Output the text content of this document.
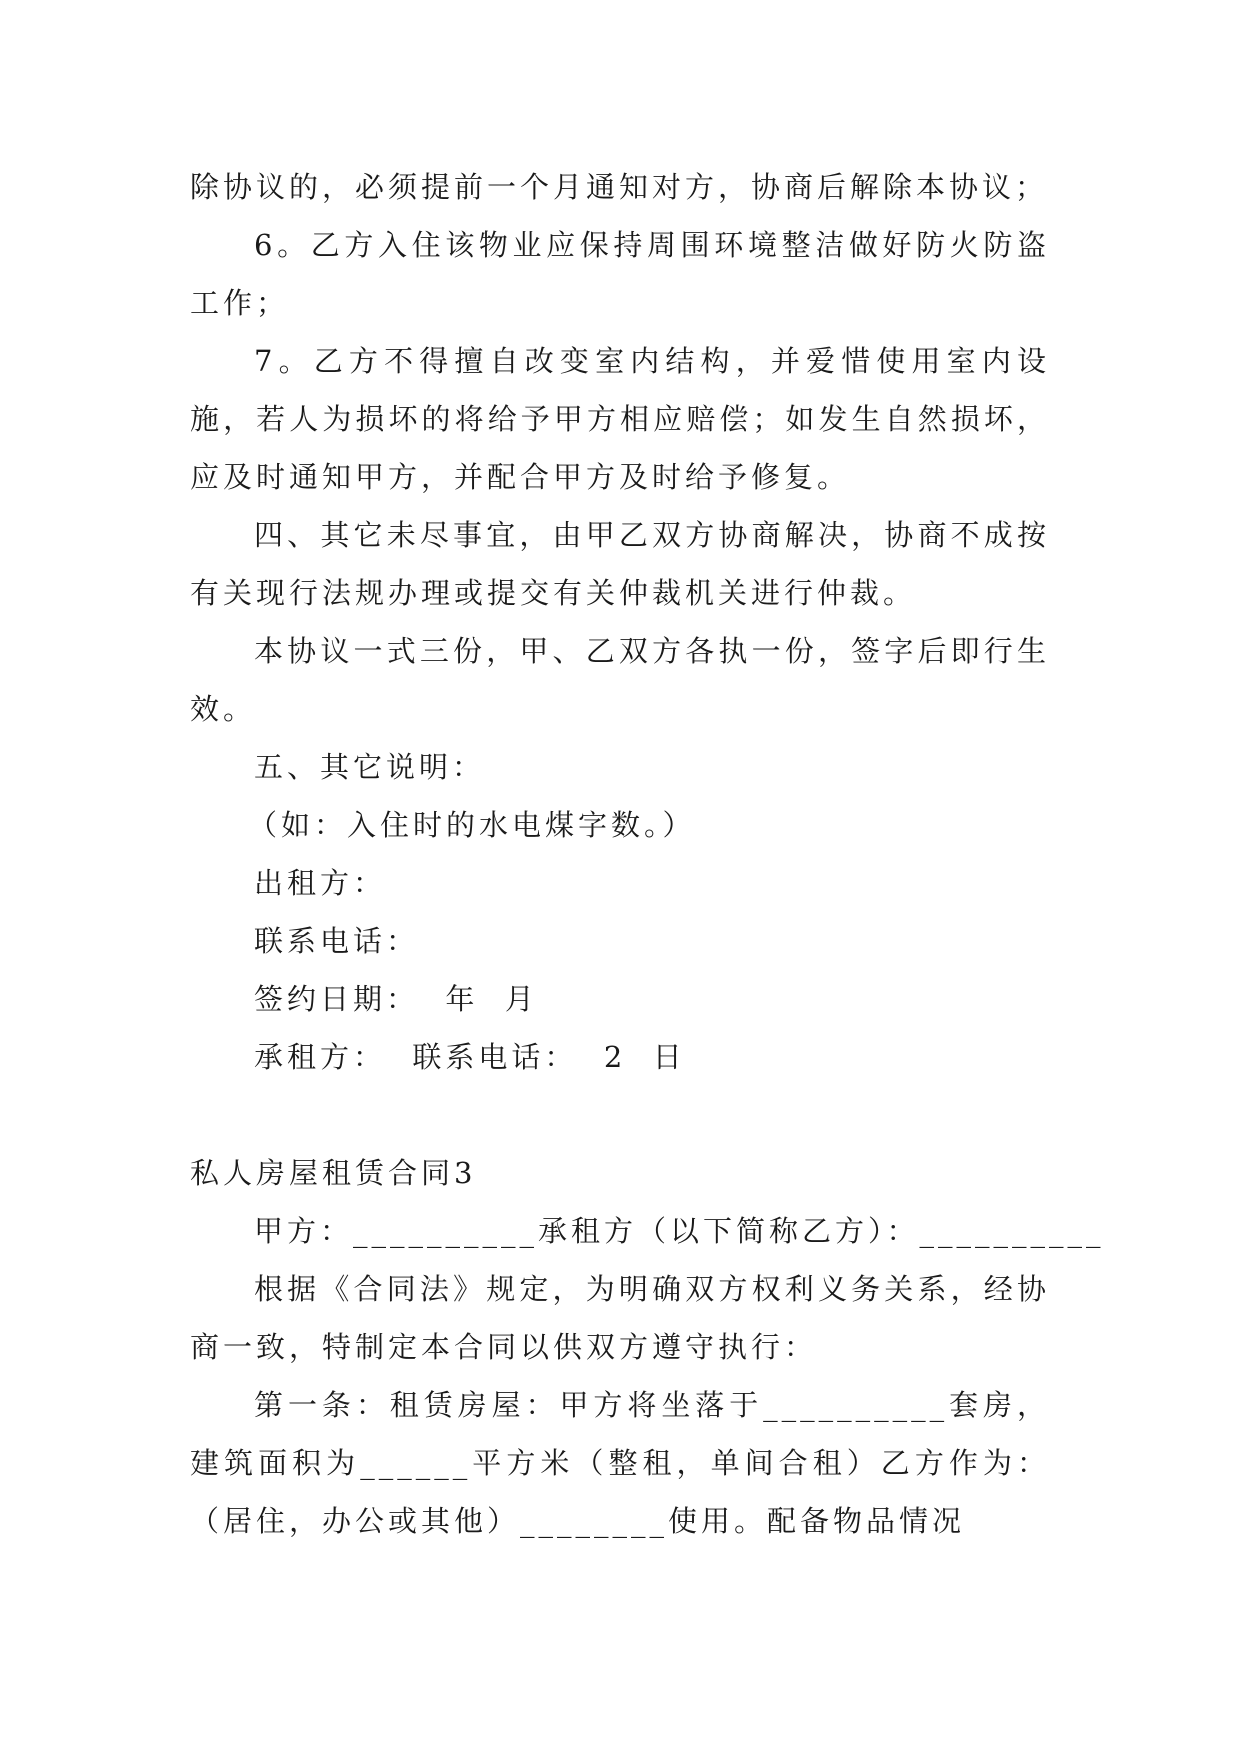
除协议的，必须提前一个月通知对方，协商后解除本协议；

6。乙方入住该物业应保持周围环境整洁做好防火防盗工作；

7。乙方不得擅自改变室内结构，并爱惜使用室内设施，若人为损坏的将给予甲方相应赔偿；如发生自然损坏，应及时通知甲方，并配合甲方及时给予修复。

四、其它未尽事宜，由甲乙双方协商解决，协商不成按有关现行法规办理或提交有关仲裁机关进行仲裁。

本协议一式三份，甲、乙双方各执一份，签字后即行生效。

五、其它说明：

（如：入住时的水电煤字数。）

出租方：

联系电话：

签约日期：  年  月

承租方：  联系电话：  2  日

私人房屋租赁合同3

甲方：__________承租方（以下简称乙方）：__________

根据《合同法》规定，为明确双方权利义务关系，经协商一致，特制定本合同以供双方遵守执行：

第一条：租赁房屋：甲方将坐落于__________套房，建筑面积为______平方米（整租，单间合租）乙方作为：（居住，办公或其他）________使用。配备物品情况
